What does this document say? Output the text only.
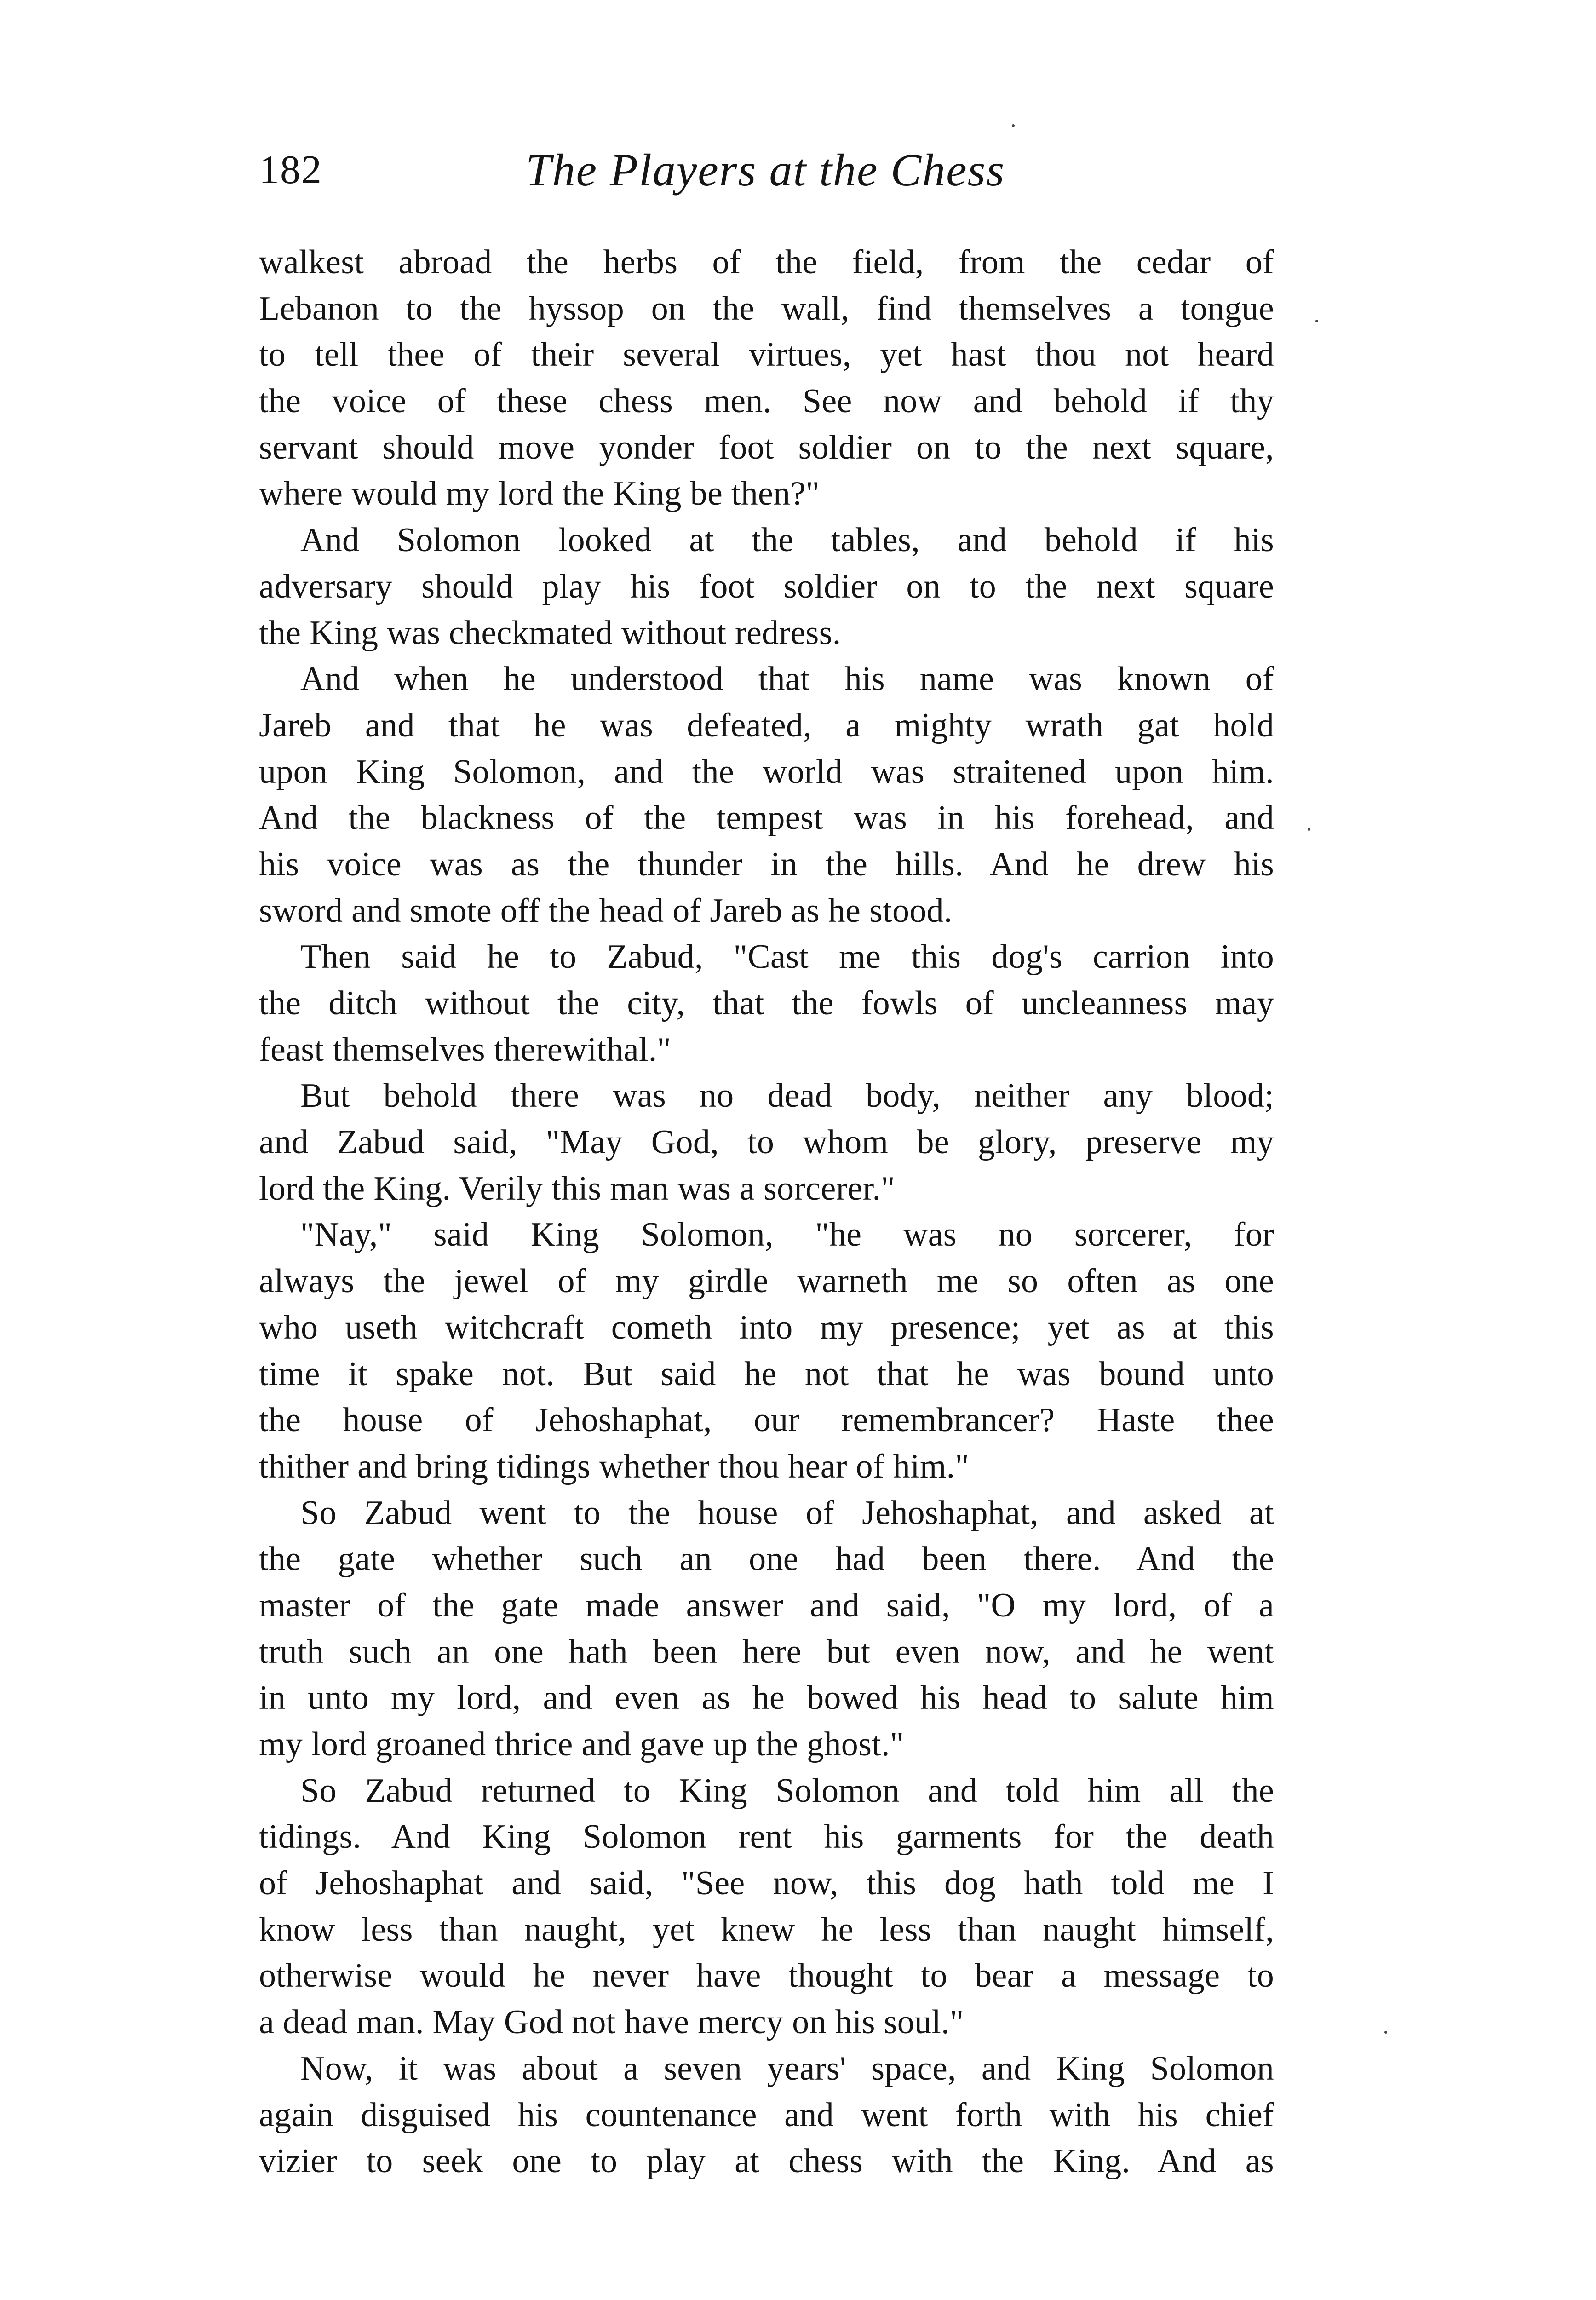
182	The Players at the Chess
walkest abroad the herbs of the field, from the cedar of
Lebanon to the hyssop on the wall, find themselves a tongue
to tell thee of their several virtues, yet hast thou not heard
the voice of these chess men. See now and behold if thy
servant should move yonder foot soldier on to the next square,
where would my lord the King be then?"
And Solomon looked at the tables, and behold if his
adversary should play his foot soldier on to the next square
the King was checkmated without redress.
And when he understood that his name was known of
Jareb and that he was defeated, a mighty wrath gat hold
upon King Solomon, and the world was straitened upon him.
And the blackness of the tempest was in his forehead, and
his voice was as the thunder in the hills. And he drew his
sword and smote off the head of Jareb as he stood.
Then said he to Zabud, "Cast me this dog's carrion into
the ditch without the city, that the fowls of uncleanness may
feast themselves therewithal."
But behold there was no dead body, neither any blood;
and Zabud said, "May God, to whom be glory, preserve my
lord the King. Verily this man was a sorcerer."
"Nay," said King Solomon, "he was no sorcerer, for
always the jewel of my girdle warneth me so often as one
who useth witchcraft cometh into my presence; yet as at this
time it spake not. But said he not that he was bound unto
the house of Jehoshaphat, our remembrancer? Haste thee
thither and bring tidings whether thou hear of him."
So Zabud went to the house of Jehoshaphat, and asked at
the gate whether such an one had been there. And the
master of the gate made answer and said, "O my lord, of a
truth such an one hath been here but even now, and he went
in unto my lord, and even as he bowed his head to salute him
my lord groaned thrice and gave up the ghost."
So Zabud returned to King Solomon and told him all the
tidings. And King Solomon rent his garments for the death
of Jehoshaphat and said, "See now, this dog hath told me I
know less than naught, yet knew he less than naught himself,
otherwise would he never have thought to bear a message to
a dead man. May God not have mercy on his soul."
Now, it was about a seven years' space, and King Solomon
again disguised his countenance and went forth with his chief
vizier to seek one to play at chess with the King. And as
